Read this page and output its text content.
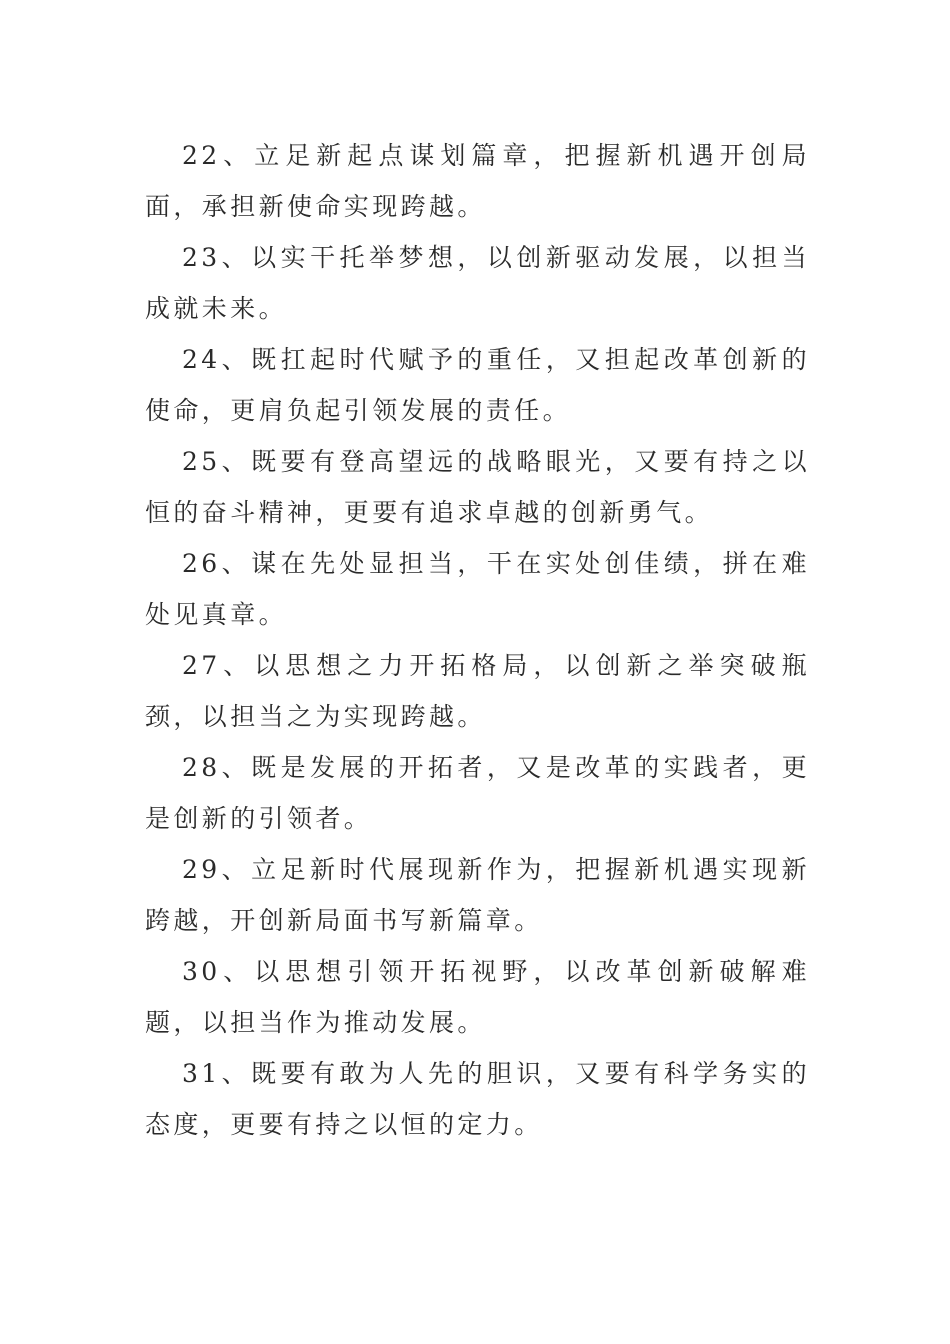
22、立足新起点谋划篇章，把握新机遇开创局面，承担新使命实现跨越。

23、以实干托举梦想，以创新驱动发展，以担当成就未来。

24、既扛起时代赋予的重任，又担起改革创新的使命，更肩负起引领发展的责任。

25、既要有登高望远的战略眼光，又要有持之以恒的奋斗精神，更要有追求卓越的创新勇气。

26、谋在先处显担当，干在实处创佳绩，拼在难处见真章。

27、以思想之力开拓格局，以创新之举突破瓶颈，以担当之为实现跨越。

28、既是发展的开拓者，又是改革的实践者，更是创新的引领者。

29、立足新时代展现新作为，把握新机遇实现新跨越，开创新局面书写新篇章。

30、以思想引领开拓视野，以改革创新破解难题，以担当作为推动发展。

31、既要有敢为人先的胆识，又要有科学务实的态度，更要有持之以恒的定力。
